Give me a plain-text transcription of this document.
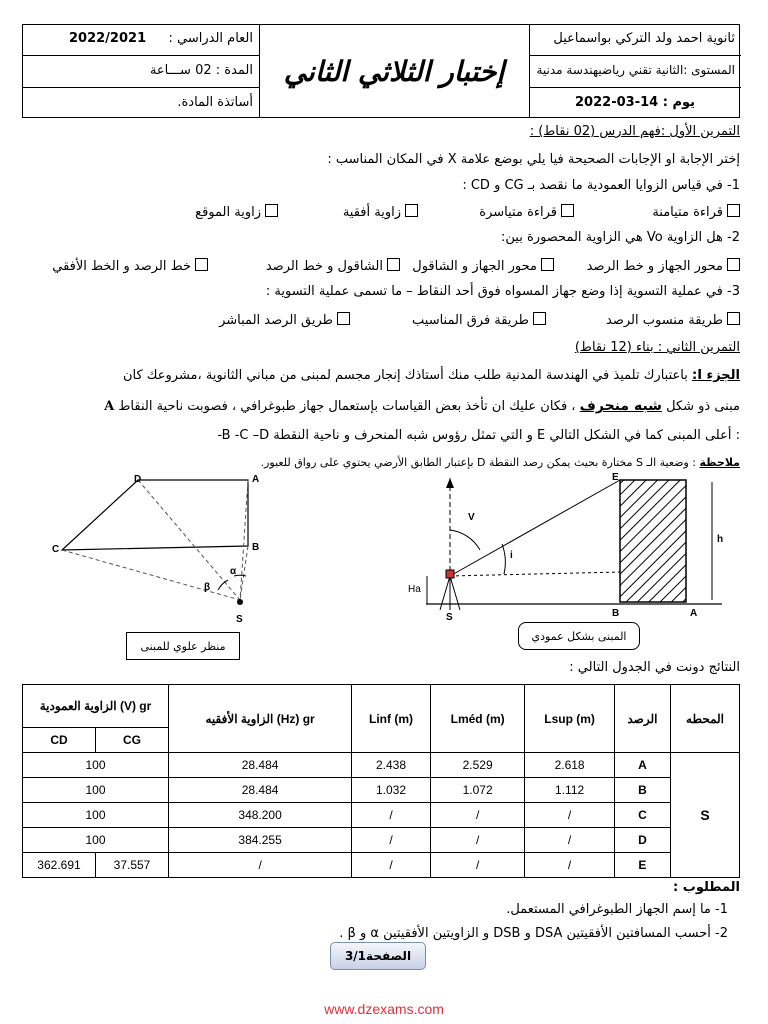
العام الدراسي :
2022/2021
المدة : 02 ســـاعة
أساتذة المادة.
إختبار الثلاثي الثاني
ثانوية احمد ولد التركي بواسماعيل
المستوى :الثانية تقني رياضيهندسة مدنية
يوم : 14-03-2022
التمرين الأول :فهم الدرس (02 نقاط) :
إختر الإجابة او الإجابات الصحيحة فيا يلي بوضع علامة X في المكان المناسب :
1- في قياس الزوايا العمودية ما نقصد بـ CG و CD :
قراءة متيامنة
قراءة متياسرة
زاوية أفقية
زاوية الموقع
2- هل الزاوية Vo هي الزاوية المحصورة بين:
محور الجهاز و خط الرصد
محور الجهاز و الشاقول
الشاقول و خط الرصد
خط الرصد و الخط الأفقي
3- في عملية التسوية إذا وضع جهاز المسواه فوق أحد النقاط – ما تسمى عملية التسوية :
طريقة منسوب الرصد
طريقة فرق المناسيب
طريق الرصد المباشر
التمرين الثاني : بناء (12 نقاط)
الجزء I: باعتبارك تلميذ في الهندسة المدنية طلب منك أستاذك إنجار مجسم لمبنى من مباني الثانوية ،مشروعك كان
مبنى ذو شكل شبه منحرف ، فكان عليك ان تأخذ بعض القياسات بإستعمال جهاز طبوغرافي ، فصوبت ناحية النقاط A
-B -C –D و التي تمثل رؤوس شبه المنحرف و ناحية النقطة E أعلى المبنى كما في الشكل التالي :
ملاحظة : وضعية الـ S مختارة بحيث يمكن رصد النقطة D بإعتبار الطابق الأرضي يحتوي على رواق للعبور.
D	A
B
C
S
β
α
E
B	A
S
V
i
h
Ha
منظر علوي للمبنى
المبنى بشكل عمودي
النتائج دونت في الجدول التالي :
الزاوية العمودية (V) gr		الزاوية الأفقيه (Hz) gr	Linf (m)	Lméd (m)	Lsup (m)	الرصد	المحطه
CD	CG						
100		28.484	2.438	2.529	2.618	A	S
100		28.484	1.032	1.072	1.112	B	
100		348.200	/	/	/	C	
100		384.255	/	/	/	D	
362.691	37.557	/	/	/	/	E	
المطلوب :
1- ما إسم الجهاز الطبوغرافي المستعمل.
2- أحسب المسافتين الأفقيتين DSA و DSB و الزاويتين الأفقيتين α و β .
الصفحة3/1
www.dzexams.com
